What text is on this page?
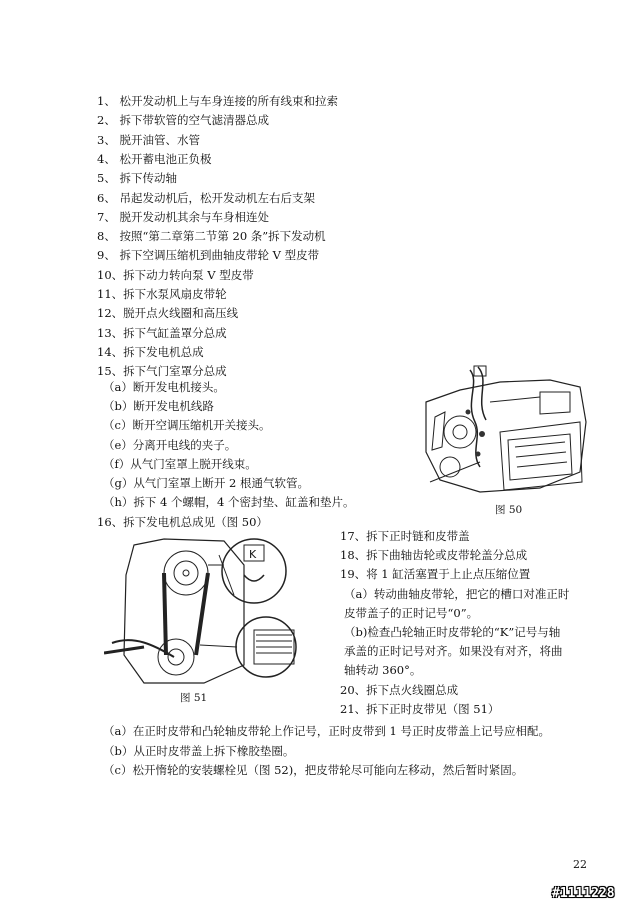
1、 松开发动机上与车身连接的所有线束和拉索
2、 拆下带软管的空气滤清器总成
3、 脱开油管、水管
4、 松开蓄电池正负极
5、 拆下传动轴
6、 吊起发动机后，松开发动机左右后支架
7、 脱开发动机其余与车身相连处
8、 按照“第二章第二节第 20 条”拆下发动机
9、 拆下空调压缩机到曲轴皮带轮 V 型皮带
10、拆下动力转向泵 V 型皮带
11、拆下水泵风扇皮带轮
12、脱开点火线圈和高压线
13、拆下气缸盖罩分总成
14、拆下发电机总成
15、拆下气门室罩分总成
（a）断开发电机接头。
（b）断开发电机线路
（c）断开空调压缩机开关接头。
（e）分离开电线的夹子。
（f）从气门室罩上脱开线束。
（g）从气门室罩上断开 2 根通气软管。
（h）拆下 4 个螺帽，4 个密封垫、缸盖和垫片。
16、拆下发电机总成见（图 50）
图 50
K
图 51
17、拆下正时链和皮带盖
18、拆下曲轴齿轮或皮带轮盖分总成
19、将 1 缸活塞置于上止点压缩位置
（a）转动曲轴皮带轮，把它的槽口对准正时
皮带盖子的正时记号“0”。
（b)检查凸轮轴正时皮带轮的“K”记号与轴
承盖的正时记号对齐。如果没有对齐，将曲
轴转动 360°。
20、拆下点火线圈总成
21、拆下正时皮带见（图 51）
（a）在正时皮带和凸轮轴皮带轮上作记号，正时皮带到 1 号正时皮带盖上记号应相配。
（b）从正时皮带盖上拆下橡胶垫圈。
（c）松开惰轮的安装螺栓见（图 52)，把皮带轮尽可能向左移动，然后暂时紧固。
22
#1111228
